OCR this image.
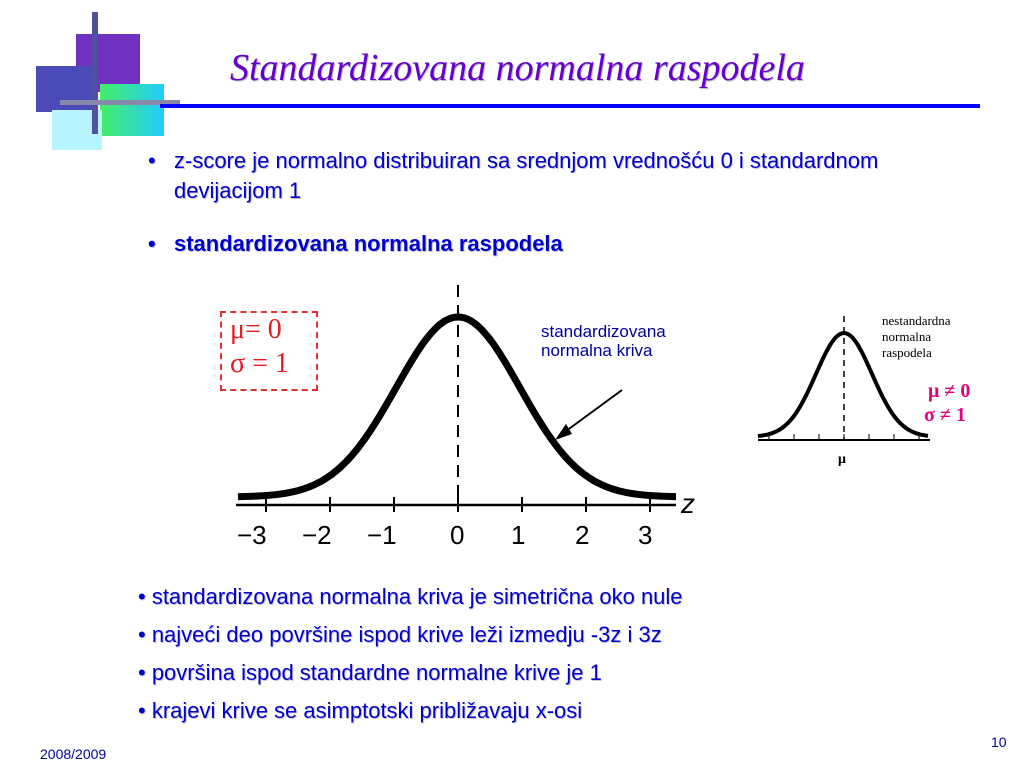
Standardizovana normalna raspodela
• z-score je normalno distribuiran sa srednjom vrednošću 0 i standardnom devijacijom 1
• standardizovana normalna raspodela
μ= 0
σ = 1
standardizovana
normalna kriva
z
−3 −2 −1 0 1 2 3
nestandardna
normalna
raspodela
μ
μ ≠ 0
σ ≠ 1
• standardizovana normalna kriva je simetrična oko nule
• najveći deo površine ispod krive leži izmedju -3z i 3z
• površina ispod standardne normalne krive je 1
• krajevi krive se asimptotski približavaju x-osi
2008/2009
10
